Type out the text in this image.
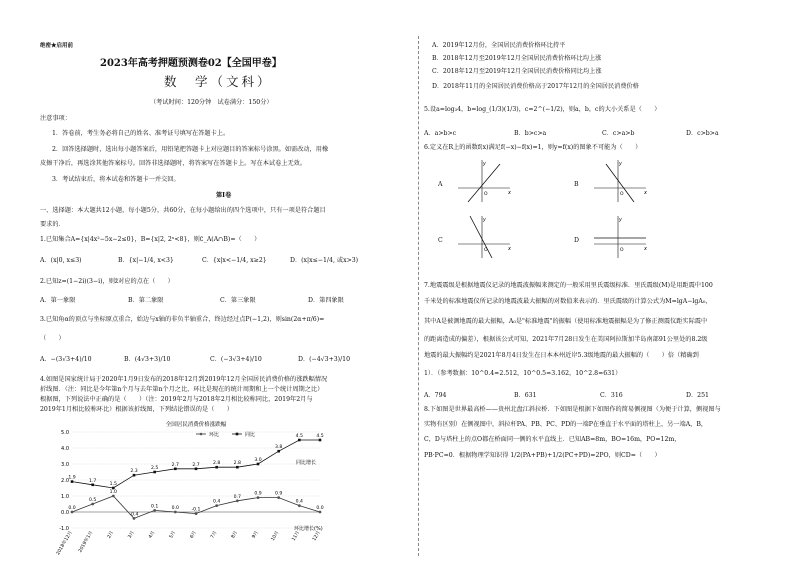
绝密★启用前
2023年高考押题预测卷02【全国甲卷】
数　学（文科）
（考试时间：120分钟　试卷满分：150分）
注意事项：
1．答卷前，考生务必将自己的姓名、准考证号填写在答题卡上。
2．回答选择题时，选出每小题答案后，用铅笔把答题卡上对应题目的答案标号涂黑。如需改动，用橡
皮擦干净后，再选涂其他答案标号。回答非选择题时，将答案写在答题卡上。写在本试卷上无效。
3．考试结束后，将本试卷和答题卡一并交回。
第Ⅰ卷
一、选择题：本大题共12小题，每小题5分，共60分，在每小题给出的四个选项中，只有一项是符合题目
要求的．
1.已知集合A={x|4x²−5x−2≤0}，B={x|2, 2ˣ<8}，则∁_A(A∩B)=（　　）
A．(x|0, x≤3)	B．{x|−1/4, x<3}	C．{x|x<−1/4, x≥2}	D．(x|x≤−1/4, 或x>3)
2.已知z=(1−2i)(3−i)，则z̄对应的点在（　　）
A．第一象限	B．第二象限	C．第三象限	D．第四象限
3.已知角α的顶点与坐标原点重合，始边与x轴的非负半轴重合，终边经过点P(−1,2)，则sin(2α+π/6)=
（　　）
A．−(3√3+4)/10	B．(4√3+3)/10	C．(−3√3+4)/10	D．(−4√3+3)/10
4.如图是国家统计局于2020年1月9日发布的2018年12月到2019年12月全国居民消费价格的涨跌幅情况
折线图．（注：同比是今年第n个月与去年第n个月之比，环比是现在的统计周期和上一个统计周期之比）
根据图，下列说法中正确的是（　　）（注：2019年2月与2018年2月相比较称同比，2019年2月与
2019年1月相比较称环比）根据该折线图，下列结论错误的是（　　）
全国居民消费价格涨跌幅
环比	同比
5.0
4.0
3.0
2.0
1.0
0.0
-1.0
2018年12月 2019年1月	2月	3月	4月	5月	6月	7月	8月	9月	10月	11月	12月
0.0
0.5
1.0
-0.4
0.1	0.0	-0.1
0.4
0.7
0.9	0.9
0.4
0.0
1.9
1.7
1.5
2.3
2.5
2.7	2.7	2.8	2.8
3.0
3.8
4.5	4.5
同比增长
环比增长(%)
A．2019年12月份，全国居民消费价格环比持平
B．2018年12月至2019年12月全国居民消费价格环比均上涨
C．2018年12月至2019年12月全国居民消费价格同比均上涨
D．2018年11月的全国居民消费价格高于2017年12月的全国居民消费价格
5.设a=log₃4，b=log_(1/3)(1/3)，c=2^(−1/2)，则a，b，c的大小关系是（　　）
A．a>b>c	B．b>c>a	C．c>a>b	D．c>b>a
6.定义在R上的函数f(x)满足f(−x)−f(x)=1，则y=f(x)的图象不可能为（　　）
A
y
x
O
B
y
x
O
C
y
x
O
D
y
x
O
7.地震震级是根据地震仪记录的地震波振幅来测定的一般采用里氏震级标准．里氏震级(M)是用距震中100
千米处的标准地震仪所记录的地震波最大振幅的对数值来表示的．里氏震级的计算公式为M=lgA−lgA₀，
其中A是被测地震的最大振幅，A₀是"标准地震"的振幅（使用标准地震振幅是为了修正测震仪距实际震中
的距离造成的偏差），根据该公式可知，2021年7月28日发生在美国阿拉斯加半岛南部91公里处的8.2级
地震的最大振幅约是2021年8月4日发生在日本本州近岸5.3级地震的最大振幅的（　　）倍（精确到
1）．（参考数据：10^0.4≈2.512，10^0.5≈3.162，10^2.8≈631）
A．794	B．631	C．316	D．251
8.下如图是世界最高桥——贵州北盘江斜拉桥．下如图是根据下如图作的简易侧视图（为便于计算，侧视图与
实物有区别）在侧视图中，斜拉杆PA、PB、PC、PD的一端P在垂直于水平面的塔柱上，另一端A，B，
C，D与塔柱上的点O都在桥面同一侧的水平直线上．已知AB=8m，BO=16m，PO=12m，
PB·PC=0．根据物理学知识得 1/2(PA+PB)+1/2(PC+PD)=2PO，则CD=（　　）
